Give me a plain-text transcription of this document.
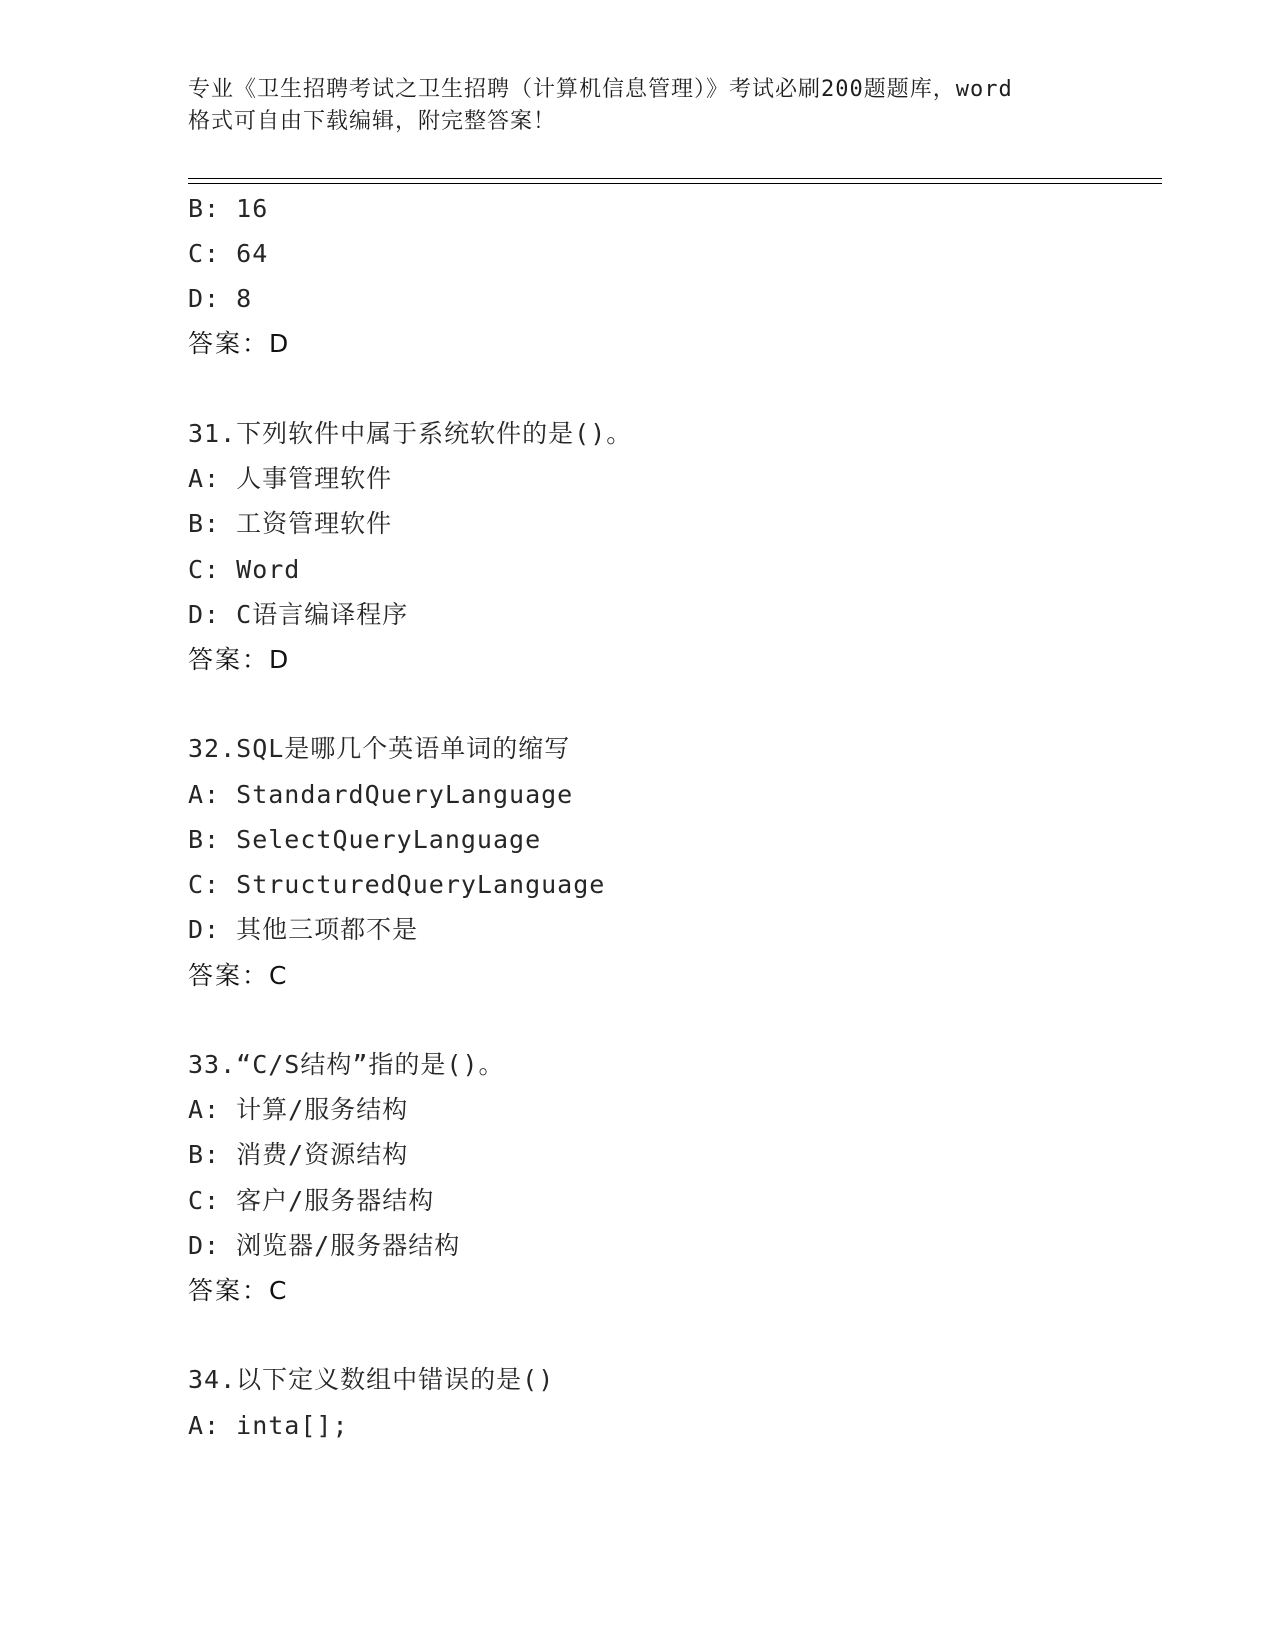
专业《卫生招聘考试之卫生招聘（计算机信息管理）》考试必刷200题题库，word
格式可自由下载编辑，附完整答案！
B: 16
C: 64
D: 8
答案：D
31.下列软件中属于系统软件的是()。
A: 人事管理软件
B: 工资管理软件
C: Word
D: C语言编译程序
答案：D
32.SQL是哪几个英语单词的缩写
A: StandardQueryLanguage
B: SelectQueryLanguage
C: StructuredQueryLanguage
D: 其他三项都不是
答案：C
33.“C/S结构”指的是()。
A: 计算/服务结构
B: 消费/资源结构
C: 客户/服务器结构
D: 浏览器/服务器结构
答案：C
34.以下定义数组中错误的是()
A: inta[];
